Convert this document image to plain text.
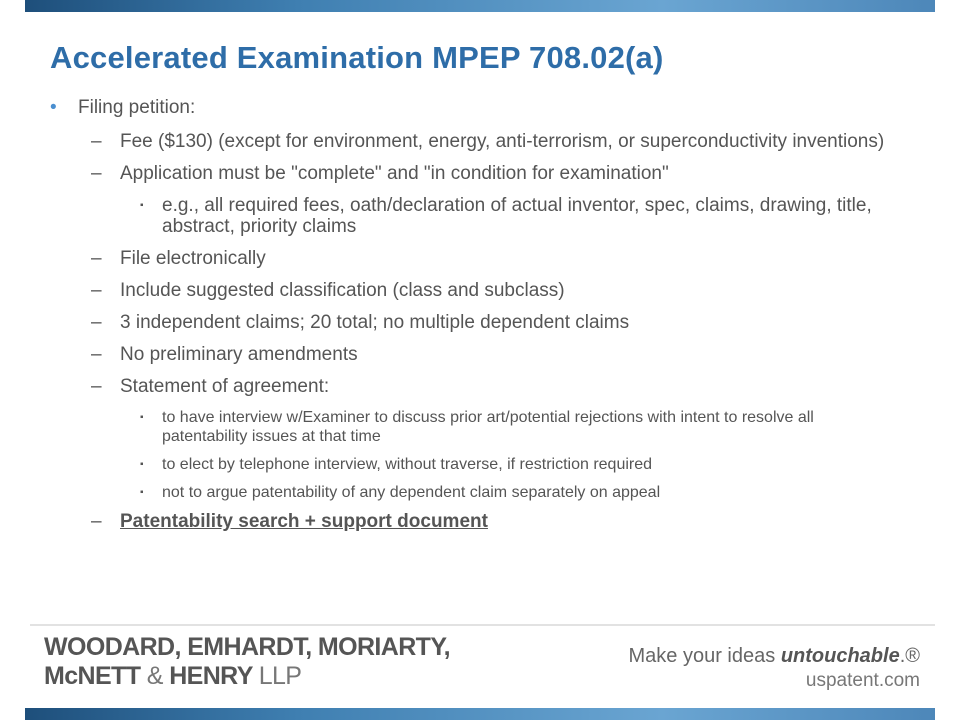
Accelerated Examination MPEP 708.02(a)
• Filing petition:
– Fee ($130) (except for environment, energy, anti-terrorism, or superconductivity inventions)
– Application must be "complete" and "in condition for examination"
▪ e.g., all required fees, oath/declaration of actual inventor, spec, claims, drawing, title, abstract, priority claims
– File electronically
– Include suggested classification (class and subclass)
– 3 independent claims; 20 total; no multiple dependent claims
– No preliminary amendments
– Statement of agreement:
▪ to have interview w/Examiner to discuss prior art/potential rejections with intent to resolve all patentability issues at that time
▪ to elect by telephone interview, without traverse, if restriction required
▪ not to argue patentability of any dependent claim separately on appeal
– Patentability search + support document
WOODARD, EMHARDT, MORIARTY,
McNETT & HENRY LLP
Make your ideas untouchable.®
uspatent.com
